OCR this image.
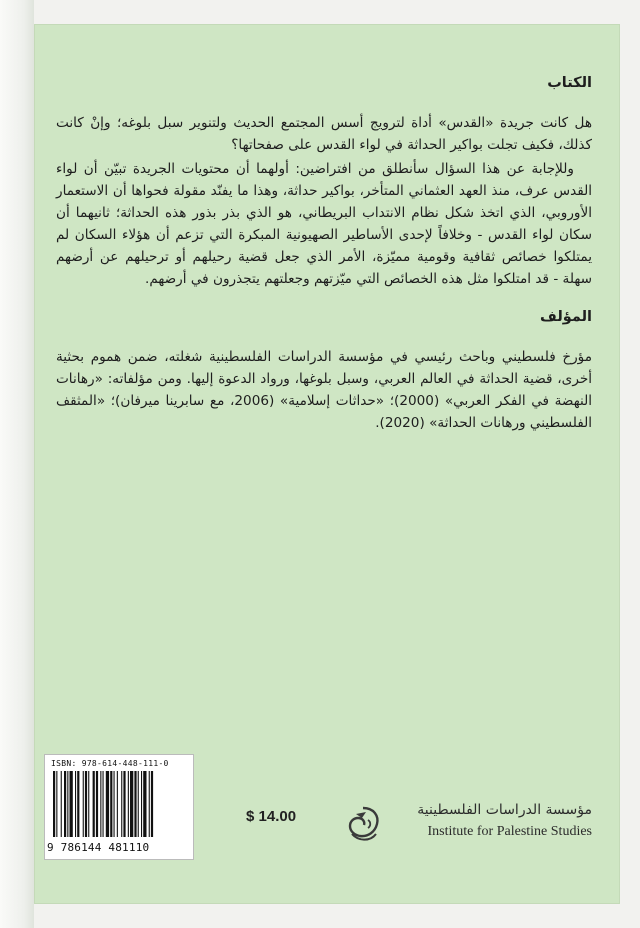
الكتاب

هل كانت جريدة «القدس» أداة لترويج أسس المجتمع الحديث ولتنوير سبل بلوغه؛ وإنْ كانت كذلك، فكيف تجلت بواكير الحداثة في لواء القدس على صفحاتها؟

وللإجابة عن هذا السؤال سأنطلق من افتراضين: أولهما أن محتويات الجريدة تبيّن أن لواء القدس عرف، منذ العهد العثماني المتأخر، بواكير حداثة، وهذا ما يفنّد مقولة فحواها أن الاستعمار الأوروبي، الذي اتخذ شكل نظام الانتداب البريطاني، هو الذي بذر بذور هذه الحداثة؛ ثانيهما أن سكان لواء القدس - وخلافاً لإحدى الأساطير الصهيونية المبكرة التي تزعم أن هؤلاء السكان لم يمتلكوا خصائص ثقافية وقومية مميّزة، الأمر الذي جعل قضية رحيلهم أو ترحيلهم عن أرضهم سهلة - قد امتلكوا مثل هذه الخصائص التي ميّزتهم وجعلتهم يتجذرون في أرضهم.

المؤلف

مؤرخ فلسطيني وباحث رئيسي في مؤسسة الدراسات الفلسطينية شغلته، ضمن هموم بحثية أخرى، قضية الحداثة في العالم العربي، وسبل بلوغها، ورواد الدعوة إليها. ومن مؤلفاته: «رهانات النهضة في الفكر العربي» (2000)؛ «حداثات إسلامية» (2006، مع سابرينا ميرفان)؛ «المثقف الفلسطيني ورهانات الحداثة» (2020).

ISBN: 978-614-448-111-0
9 786144 481110
$ 14.00	مؤسسة الدراسات الفلسطينية
Institute for Palestine Studies
